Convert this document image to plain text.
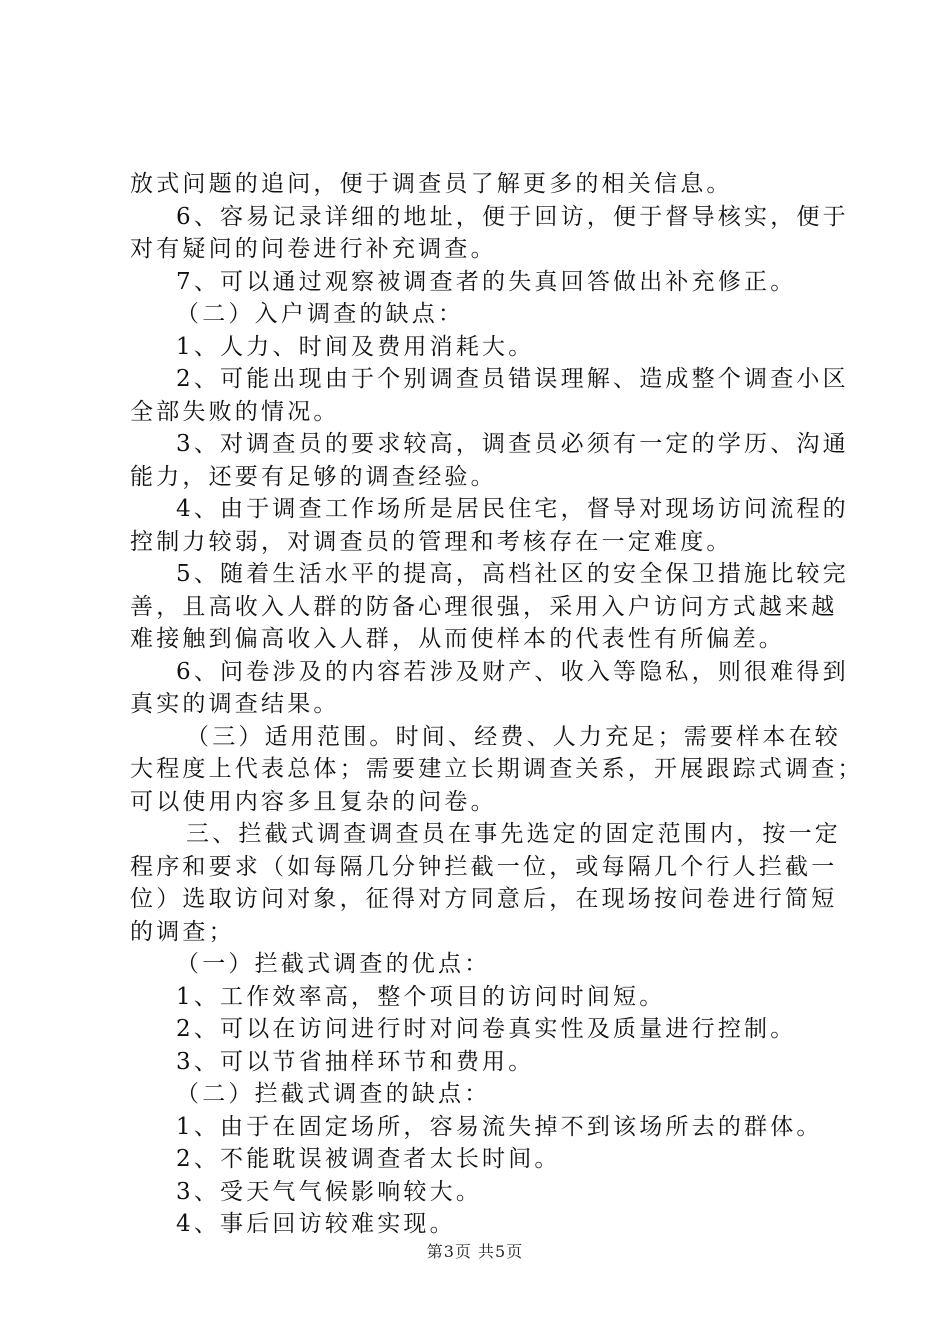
放式问题的追问，便于调查员了解更多的相关信息。
6、容易记录详细的地址，便于回访，便于督导核实，便于
对有疑问的问卷进行补充调查。
7、可以通过观察被调查者的失真回答做出补充修正。
（二）入户调查的缺点：
1、人力、时间及费用消耗大。
2、可能出现由于个别调查员错误理解、造成整个调查小区
全部失败的情况。
3、对调查员的要求较高，调查员必须有一定的学历、沟通
能力，还要有足够的调查经验。
4、由于调查工作场所是居民住宅，督导对现场访问流程的
控制力较弱，对调查员的管理和考核存在一定难度。
5、随着生活水平的提高，高档社区的安全保卫措施比较完
善，且高收入人群的防备心理很强，采用入户访问方式越来越
难接触到偏高收入人群，从而使样本的代表性有所偏差。
6、问卷涉及的内容若涉及财产、收入等隐私，则很难得到
真实的调查结果。
（三）适用范围。时间、经费、人力充足；需要样本在较
大程度上代表总体；需要建立长期调查关系，开展跟踪式调查；
可以使用内容多且复杂的问卷。
三、拦截式调查调查员在事先选定的固定范围内，按一定
程序和要求（如每隔几分钟拦截一位，或每隔几个行人拦截一
位）选取访问对象，征得对方同意后，在现场按问卷进行简短
的调查；
（一）拦截式调查的优点：
1、工作效率高，整个项目的访问时间短。
2、可以在访问进行时对问卷真实性及质量进行控制。
3、可以节省抽样环节和费用。
（二）拦截式调查的缺点：
1、由于在固定场所，容易流失掉不到该场所去的群体。
2、不能耽误被调查者太长时间。
3、受天气气候影响较大。
4、事后回访较难实现。
第3页 共5页
